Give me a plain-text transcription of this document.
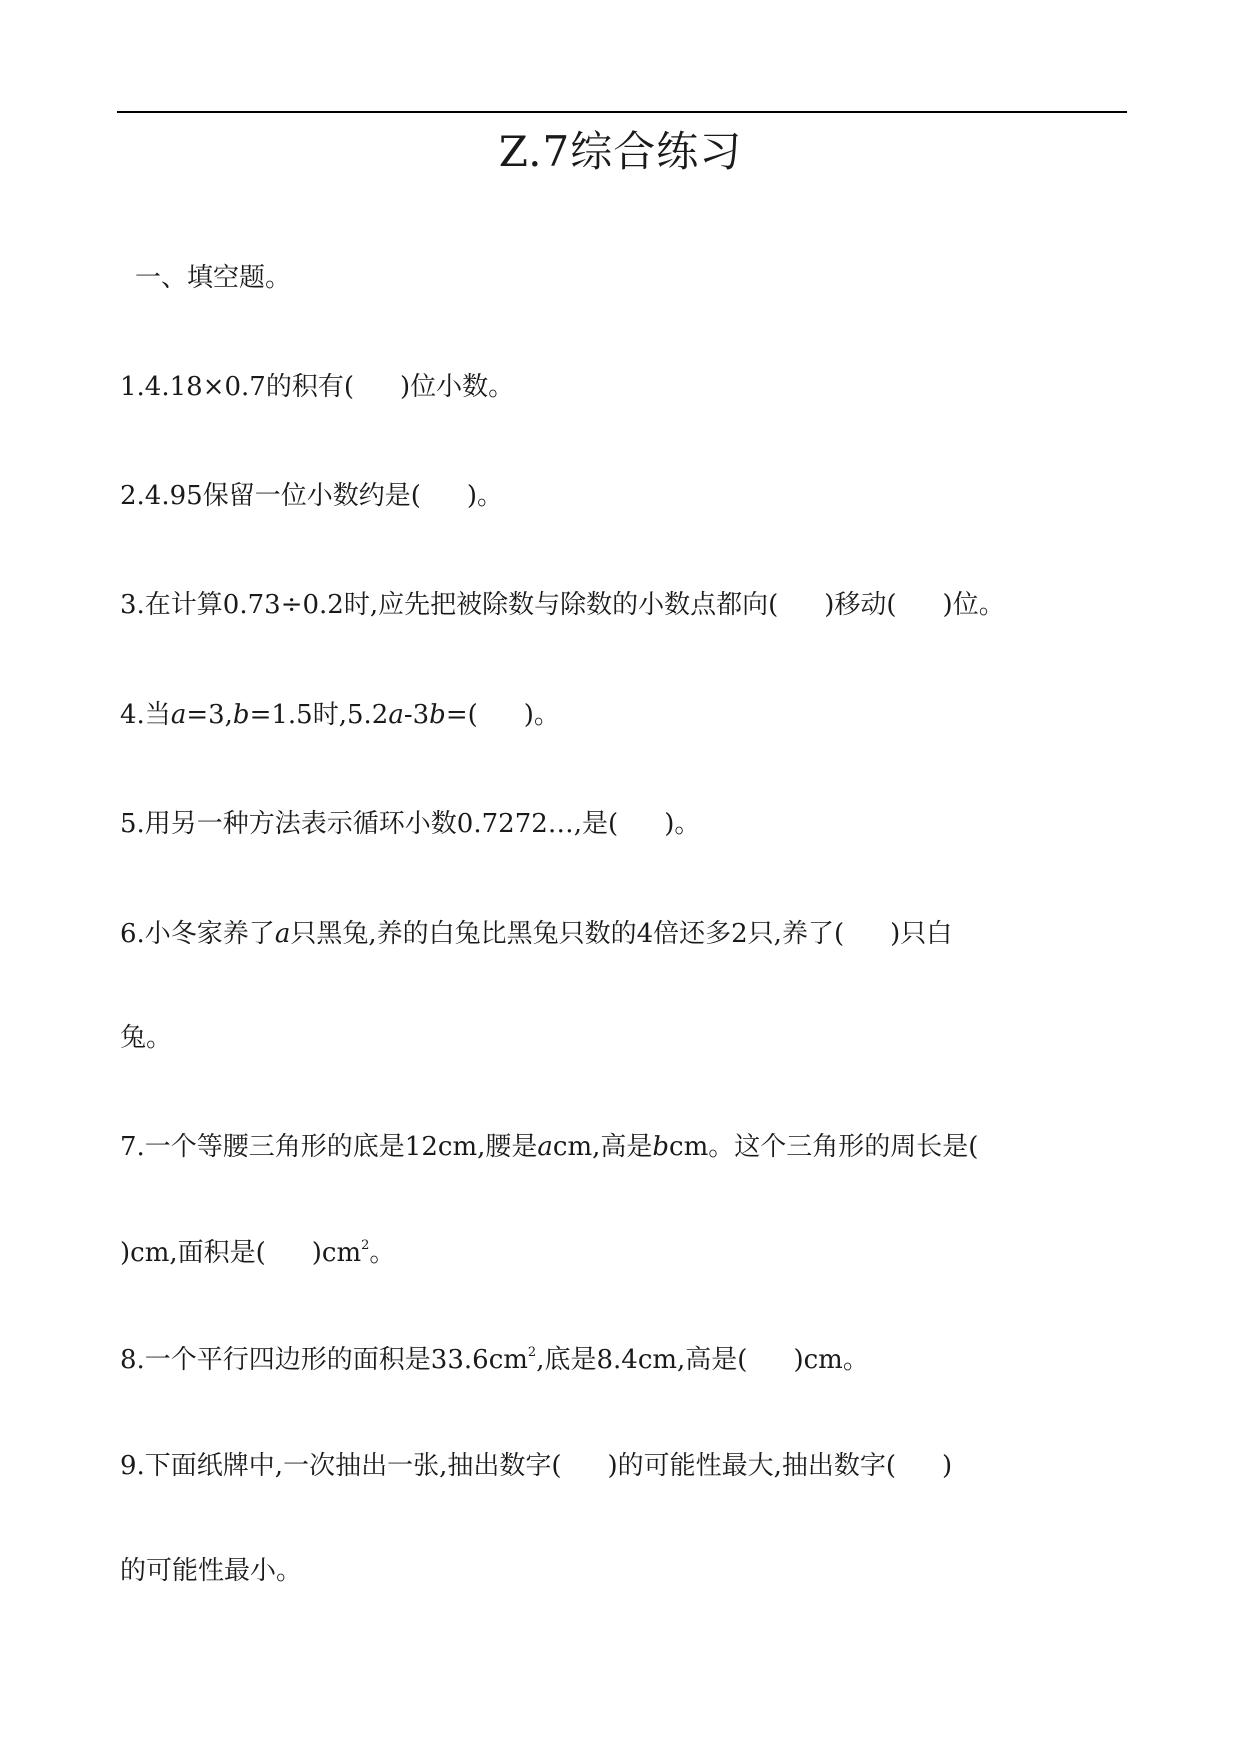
Z.7综合练习
一、填空题。
1.4.18×0.7的积有( )位小数。
2.4.95保留一位小数约是( )。
3.在计算0.73÷0.2时,应先把被除数与除数的小数点都向( )移动( )位。
4.当a=3,b=1.5时,5.2a-3b=( )。
5.用另一种方法表示循环小数0.7272…,是( )。
6.小冬家养了a只黑兔,养的白兔比黑兔只数的4倍还多2只,养了( )只白
兔。
7.一个等腰三角形的底是12cm,腰是acm,高是bcm。这个三角形的周长是(
)cm,面积是( )$cm^2$。
8.一个平行四边形的面积是$33.6cm^2$,底是8.4cm,高是( )cm。
9.下面纸牌中,一次抽出一张,抽出数字( )的可能性最大,抽出数字( )
的可能性最小。
